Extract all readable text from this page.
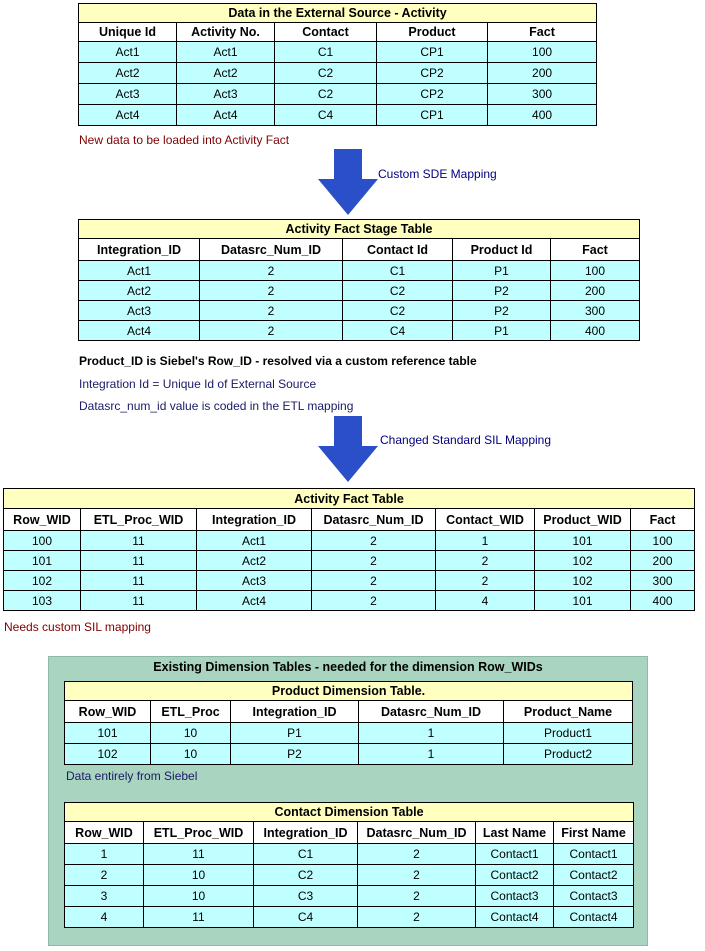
Data in the External Source - Activity				
Unique Id	Activity No.	Contact	Product	Fact
Act1	Act1	C1	CP1	100
Act2	Act2	C2	CP2	200
Act3	Act3	C2	CP2	300
Act4	Act4	C4	CP1	400
New data to be loaded into Activity Fact
Custom SDE Mapping
Activity Fact Stage Table				
Integration_ID	Datasrc_Num_ID	Contact Id	Product Id	Fact
Act1	2	C1	P1	100
Act2	2	C2	P2	200
Act3	2	C2	P2	300
Act4	2	C4	P1	400
Product_ID is Siebel's Row_ID - resolved via a custom reference table
Integration Id = Unique Id of External Source
Datasrc_num_id value is coded in the ETL mapping
Changed Standard SIL Mapping
Activity Fact Table						
Row_WID	ETL_Proc_WID	Integration_ID	Datasrc_Num_ID	Contact_WID	Product_WID	Fact
100	11	Act1	2	1	101	100
101	11	Act2	2	2	102	200
102	11	Act3	2	2	102	300
103	11	Act4	2	4	101	400
Needs custom SIL mapping
Existing Dimension Tables - needed for the dimension Row_WIDs
Product Dimension Table.				
Row_WID	ETL_Proc	Integration_ID	Datasrc_Num_ID	Product_Name
101	10	P1	1	Product1
102	10	P2	1	Product2
Data entirely from Siebel
Contact Dimension Table					
Row_WID	ETL_Proc_WID	Integration_ID	Datasrc_Num_ID	Last Name	First Name
1	11	C1	2	Contact1	Contact1
2	10	C2	2	Contact2	Contact2
3	10	C3	2	Contact3	Contact3
4	11	C4	2	Contact4	Contact4
